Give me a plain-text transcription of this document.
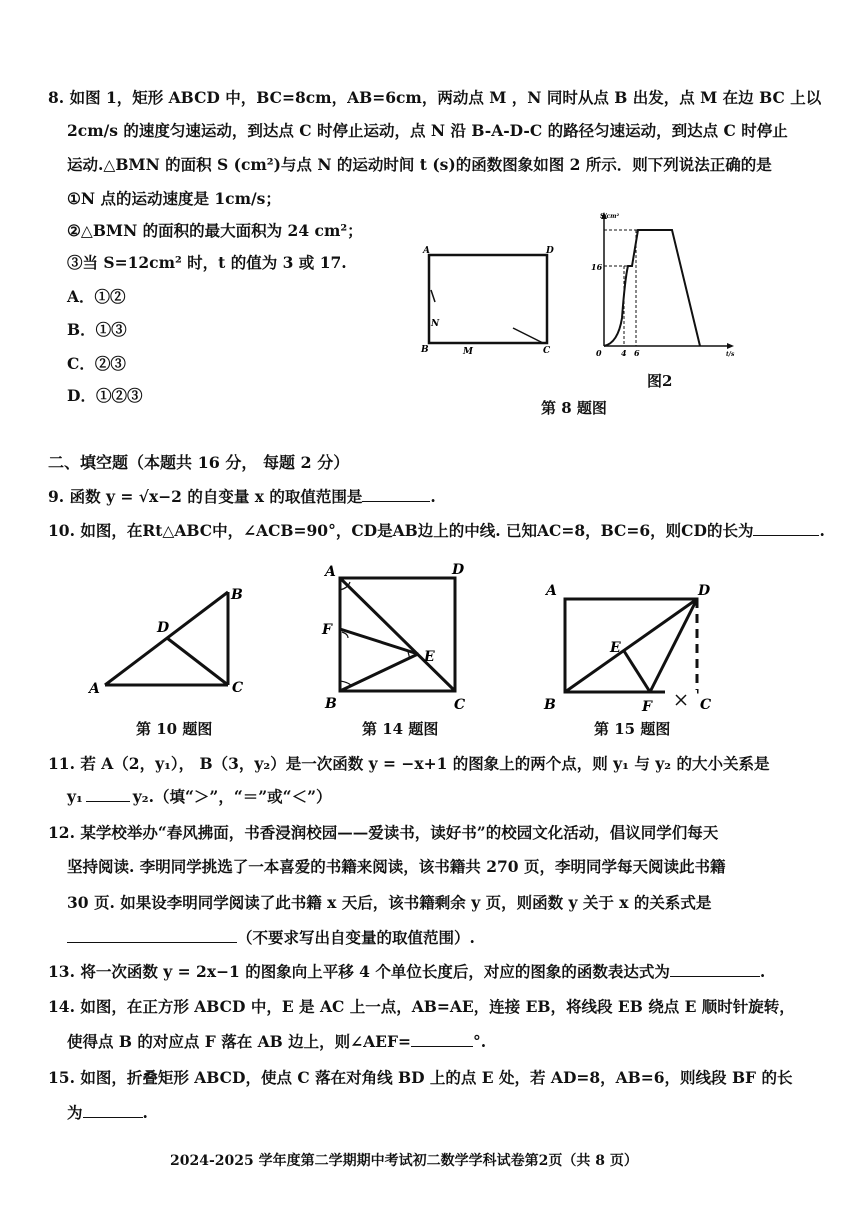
8. 如图 1，矩形 ABCD 中，BC=8cm，AB=6cm，两动点 M ，N 同时从点 B 出发，点 M 在边 BC 上以
2cm/s 的速度匀速运动，到达点 C 时停止运动，点 N 沿 B-A-D-C 的路径匀速运动，到达点 C 时停止
运动.△BMN 的面积 S (cm²)与点 N 的运动时间 t (s)的函数图象如图 2 所示．则下列说法正确的是
①N 点的运动速度是 1cm/s；
②△BMN 的面积的最大面积为 24 cm²；
③当 S=12cm² 时，t 的值为 3 或 17.
A．①②
B．①③
C．②③
D．①②③
A	D
B	C
M
N
S/cm²
16
0 4 6	t/s
图2
第 8 题图
二、填空题（本题共 16 分， 每题 2 分）
9. 函数 y = √x−2 的自变量 x 的取值范围是	.
10. 如图，在Rt△ABC中，∠ACB=90°，CD是AB边上的中线. 已知AC=8，BC=6，则CD的长为	.
A
B
C
D
第 10 题图
A	D
F
E
B	C
第 14 题图
A	D
E
B	F	C
第 15 题图
11. 若 A（2，y₁）， B（3，y₂）是一次函数 y = −x+1 的图象上的两个点，则 y₁ 与 y₂ 的大小关系是
y₁	y₂.（填“＞”，“＝”或“＜”）
12. 某学校举办“春风拂面，书香浸润校园——爱读书，读好书”的校园文化活动，倡议同学们每天
坚持阅读. 李明同学挑选了一本喜爱的书籍来阅读，该书籍共 270 页，李明同学每天阅读此书籍
30 页. 如果设李明同学阅读了此书籍 x 天后，该书籍剩余 y 页，则函数 y 关于 x 的关系式是
（不要求写出自变量的取值范围）.
13. 将一次函数 y = 2x−1 的图象向上平移 4 个单位长度后，对应的图象的函数表达式为	.
14. 如图，在正方形 ABCD 中，E 是 AC 上一点，AB=AE，连接 EB，将线段 EB 绕点 E 顺时针旋转，
使得点 B 的对应点 F 落在 AB 边上，则∠AEF=	°.
15. 如图，折叠矩形 ABCD，使点 C 落在对角线 BD 上的点 E 处，若 AD=8，AB=6，则线段 BF 的长
为	.
2024-2025 学年度第二学期期中考试初二数学学科试卷第2页（共 8 页）
